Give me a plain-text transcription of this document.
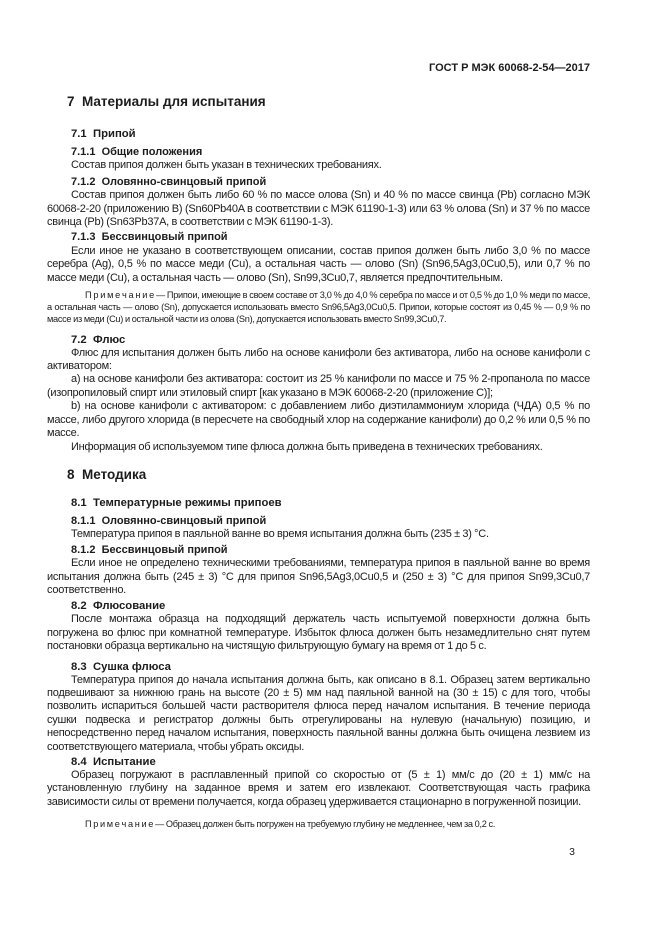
ГОСТ Р МЭК 60068-2-54—2017
7  Материалы для испытания
7.1  Припой
7.1.1  Общие положения

Состав припоя должен быть указан в технических требованиях.

7.1.2  Оловянно-свинцовый припой

Состав припоя должен быть либо 60 % по массе олова (Sn) и 40 % по массе свинца (Pb) согласно МЭК 60068-2-20 (приложению В) (Sn60Pb40A в соответствии с МЭК 61190-1-3) или 63 % олова (Sn) и 37 % по массе свинца (Pb) (Sn63Pb37A, в соответствии с МЭК 61190-1-3).

7.1.3  Бессвинцовый припой

Если иное не указано в соответствующем описании, состав припоя должен быть либо 3,0 % по массе серебра (Ag), 0,5 % по массе меди (Cu), а остальная часть — олово (Sn) (Sn96,5Ag3,0Cu0,5), или 0,7 % по массе меди (Cu), а остальная часть — олово (Sn), Sn99,3Cu0,7, является предпочтительным.

П р и м е ч а н и е — Припои, имеющие в своем составе от 3,0 % до 4,0 % серебра по массе и от 0,5 % до 1,0 % меди по массе, а остальная часть — олово (Sn), допускается использовать вместо Sn96,5Ag3,0Cu0,5. Припои, которые состоят из 0,45 % — 0,9 % по массе из меди (Cu) и остальной части из олова (Sn), допускается использовать вместо Sn99,3Cu0,7.

7.2  Флюс

Флюс для испытания должен быть либо на основе канифоли без активатора, либо на основе канифоли с активатором:

a) на основе канифоли без активатора: состоит из 25 % канифоли по массе и 75 % 2-пропанола по массе (изопропиловый спирт или этиловый спирт [как указано в МЭК 60068-2-20 (приложение С)];

b) на основе канифоли с активатором: с добавлением либо диэтиламмониум хлорида (ЧДА) 0,5 % по массе, либо другого хлорида (в пересчете на свободный хлор на содержание канифоли) до 0,2 % или 0,5 % по массе.

Информация об используемом типе флюса должна быть приведена в технических требованиях.

8  Методика
8.1  Температурные режимы припоев
8.1.1  Оловянно-свинцовый припой

Температура припоя в паяльной ванне во время испытания должна быть (235 ± 3) °С.

8.1.2  Бессвинцовый припой

Если иное не определено техническими требованиями, температура припоя в паяльной ванне во время испытания должна быть (245 ± 3) °С для припоя Sn96,5Ag3,0Cu0,5 и (250 ± 3) °С для припоя Sn99,3Cu0,7 соответственно.

8.2  Флюсование

После монтажа образца на подходящий держатель часть испытуемой поверхности должна быть погружена во флюс при комнатной температуре. Избыток флюса должен быть незамедлительно снят путем постановки образца вертикально на чистящую фильтрующую бумагу на время от 1 до 5 с.

8.3  Сушка флюса

Температура припоя до начала испытания должна быть, как описано в 8.1. Образец затем вертикально подвешивают за нижнюю грань на высоте (20 ± 5) мм над паяльной ванной на (30 ± 15) с для того, чтобы позволить испариться большей части растворителя флюса перед началом испытания. В течение периода сушки подвеска и регистратор должны быть отрегулированы на нулевую (начальную) позицию, и непосредственно перед началом испытания, поверхность паяльной ванны должна быть очищена лезвием из соответствующего материала, чтобы убрать оксиды.

8.4  Испытание

Образец погружают в расплавленный припой со скоростью от (5 ± 1) мм/с до (20 ± 1) мм/с на установленную глубину на заданное время и затем его извлекают. Соответствующая часть графика зависимости силы от времени получается, когда образец удерживается стационарно в погруженной позиции.

П р и м е ч а н и е — Образец должен быть погружен на требуемую глубину не медленнее, чем за 0,2 с.

3
